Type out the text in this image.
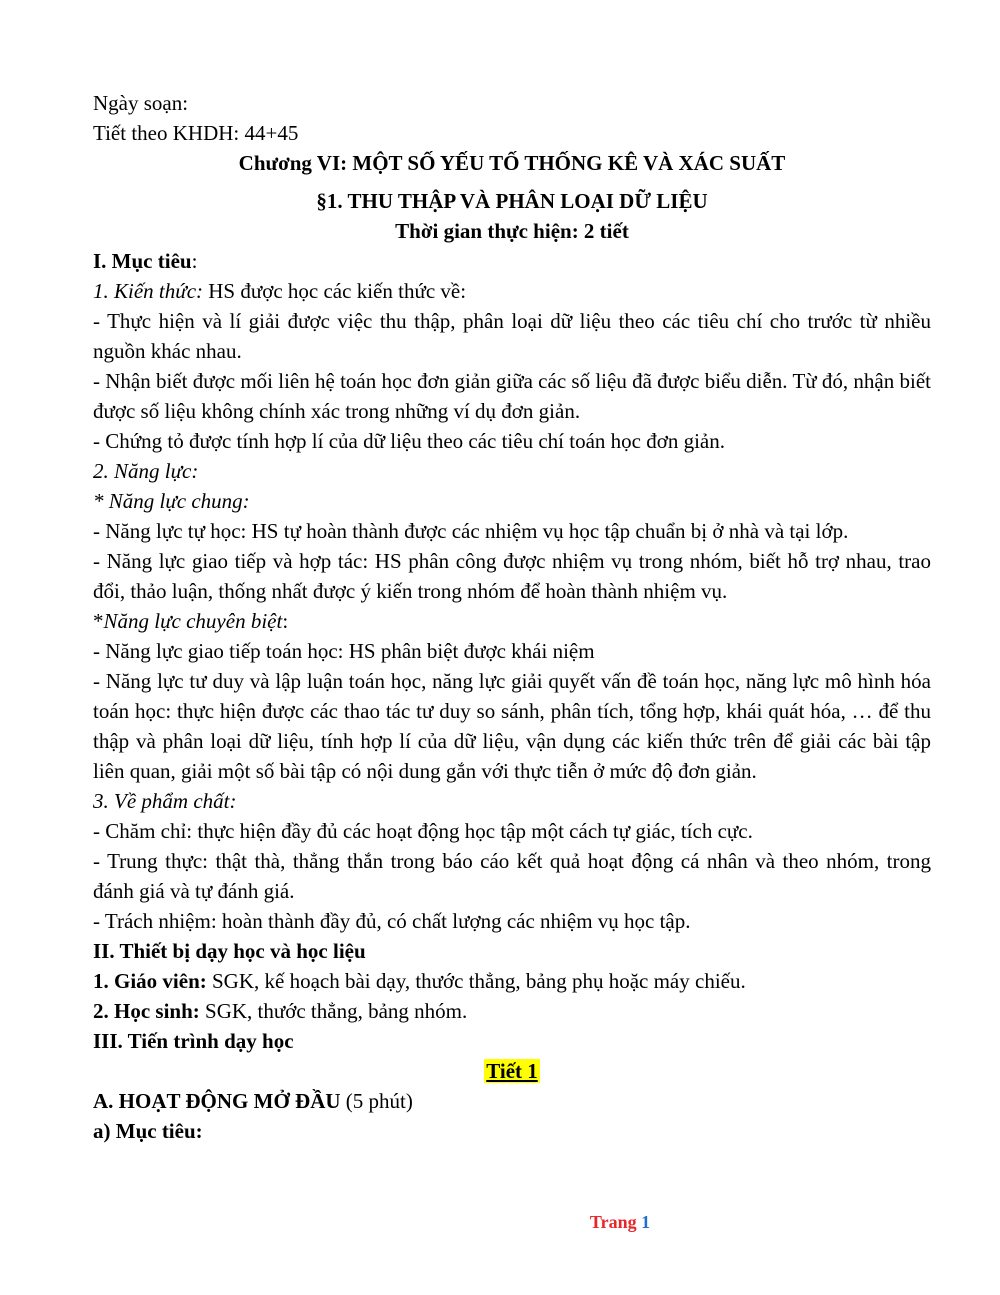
Ngày soạn:

Tiết theo KHDH: 44+45

Chương VI: MỘT SỐ YẾU TỐ THỐNG KÊ VÀ XÁC SUẤT

§1. THU THẬP VÀ PHÂN LOẠI DỮ LIỆU

Thời gian thực hiện: 2 tiết

I. Mục tiêu:

1. Kiến thức: HS được học các kiến thức về:

- Thực hiện và lí giải được việc thu thập, phân loại dữ liệu theo các tiêu chí cho trước từ nhiều nguồn khác nhau.

- Nhận biết được mối liên hệ toán học đơn giản giữa các số liệu đã được biểu diễn. Từ đó, nhận biết được số liệu không chính xác trong những ví dụ đơn giản.

- Chứng tỏ được tính hợp lí của dữ liệu theo các tiêu chí toán học đơn giản.

2. Năng lực:

* Năng lực chung:

- Năng lực tự học: HS tự hoàn thành được các nhiệm vụ học tập chuẩn bị ở nhà và tại lớp.

- Năng lực giao tiếp và hợp tác: HS phân công được nhiệm vụ trong nhóm, biết hỗ trợ nhau, trao đổi, thảo luận, thống nhất được ý kiến trong nhóm để hoàn thành nhiệm vụ.

*Năng lực chuyên biệt:

- Năng lực giao tiếp toán học: HS phân biệt được khái niệm

- Năng lực tư duy và lập luận toán học, năng lực giải quyết vấn đề toán học, năng lực mô hình hóa toán học: thực hiện được các thao tác tư duy so sánh, phân tích, tổng hợp, khái quát hóa, … để thu thập và phân loại dữ liệu, tính hợp lí của dữ liệu, vận dụng các kiến thức trên để giải các bài tập liên quan, giải một số bài tập có nội dung gắn với thực tiễn ở mức độ đơn giản.

3. Về phẩm chất:

- Chăm chỉ: thực hiện đầy đủ các hoạt động học tập một cách tự giác, tích cực.

- Trung thực: thật thà, thẳng thắn trong báo cáo kết quả hoạt động cá nhân và theo nhóm, trong đánh giá và tự đánh giá.

- Trách nhiệm: hoàn thành đầy đủ, có chất lượng các nhiệm vụ học tập.

II. Thiết bị dạy học và học liệu

1. Giáo viên: SGK, kế hoạch bài dạy, thước thẳng, bảng phụ hoặc máy chiếu.

2. Học sinh: SGK, thước thẳng, bảng nhóm.

III. Tiến trình dạy học

Tiết 1

A. HOẠT ĐỘNG MỞ ĐẦU (5 phút)

a) Mục tiêu:

Trang 1
